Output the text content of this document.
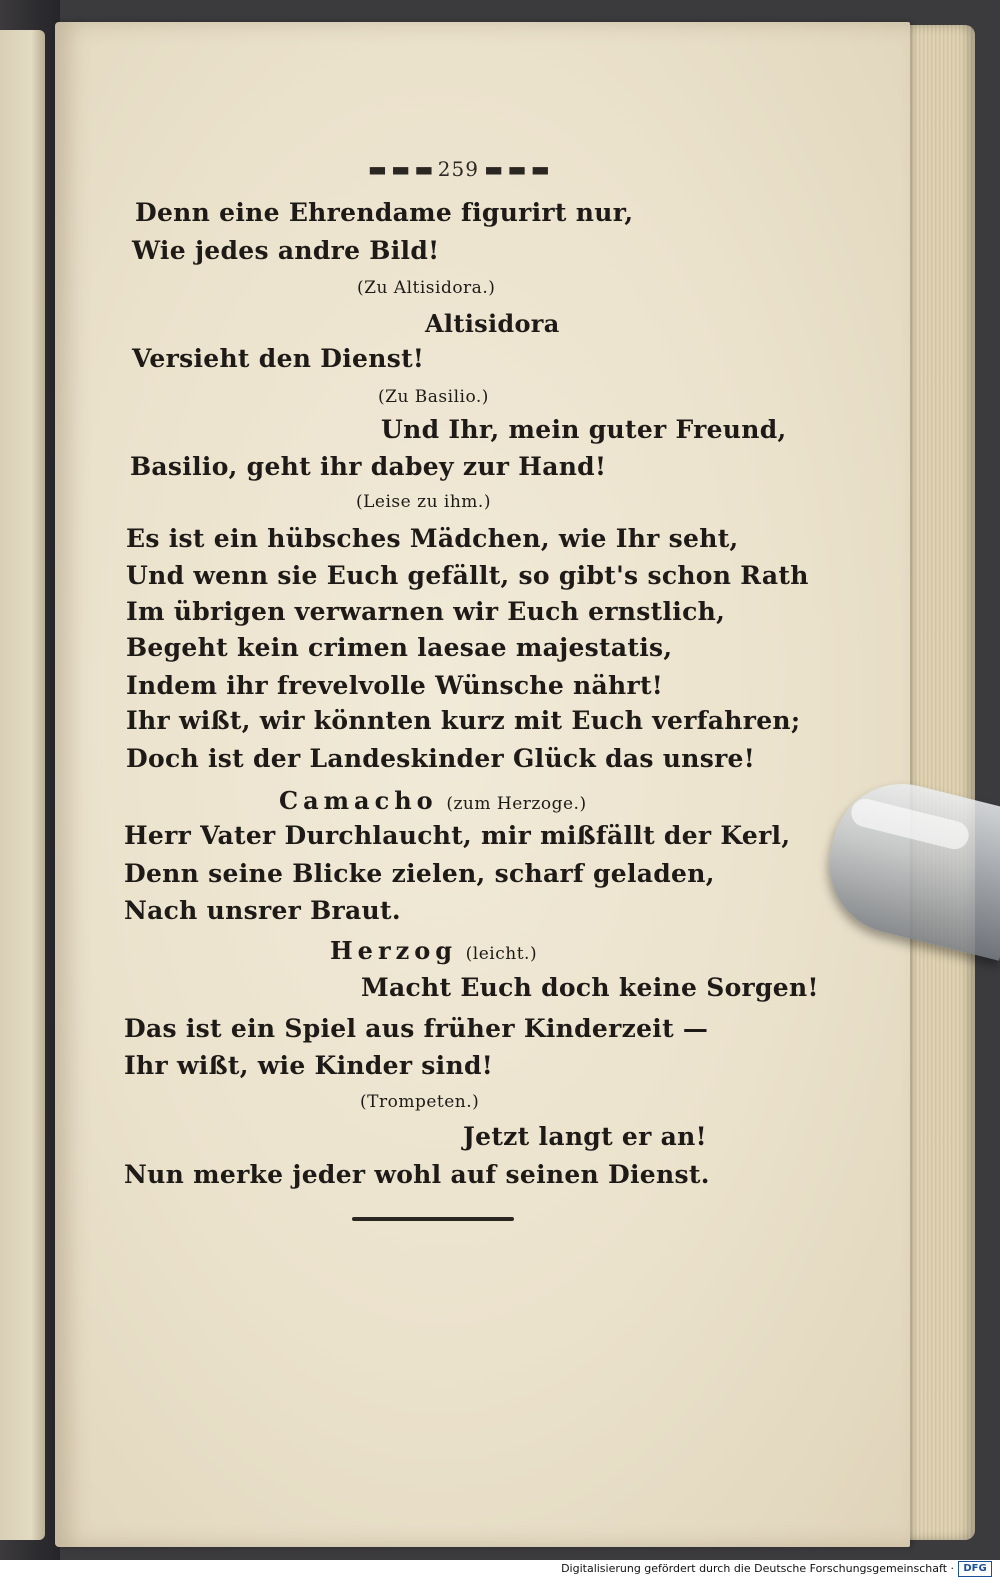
▬ ▬ ▬ 259 ▬ ▬ ▬
Denn eine Ehrendame figurirt nur,
Wie jedes andre Bild!
(Zu Altisidora.)
Altisidora
Versieht den Dienst!
(Zu Basilio.)
Und Ihr, mein guter Freund,
Basilio, geht ihr dabey zur Hand!
(Leise zu ihm.)
Es ist ein hübsches Mädchen, wie Ihr seht,
Und wenn sie Euch gefällt, so gibt's schon Rath
Im übrigen verwarnen wir Euch ernstlich,
Begeht kein crimen laesae majestatis,
Indem ihr frevelvolle Wünsche nährt!
Ihr wißt, wir könnten kurz mit Euch verfahren;
Doch ist der Landeskinder Glück das unsre!
Camacho (zum Herzoge.)
Herr Vater Durchlaucht, mir mißfällt der Kerl,
Denn seine Blicke zielen, scharf geladen,
Nach unsrer Braut.
Herzog (leicht.)
Macht Euch doch keine Sorgen!
Das ist ein Spiel aus früher Kinderzeit —
Ihr wißt, wie Kinder sind!
(Trompeten.)
Jetzt langt er an!
Nun merke jeder wohl auf seinen Dienst.
Digitalisierung gefördert durch die Deutsche Forschungsgemeinschaft · DFG
